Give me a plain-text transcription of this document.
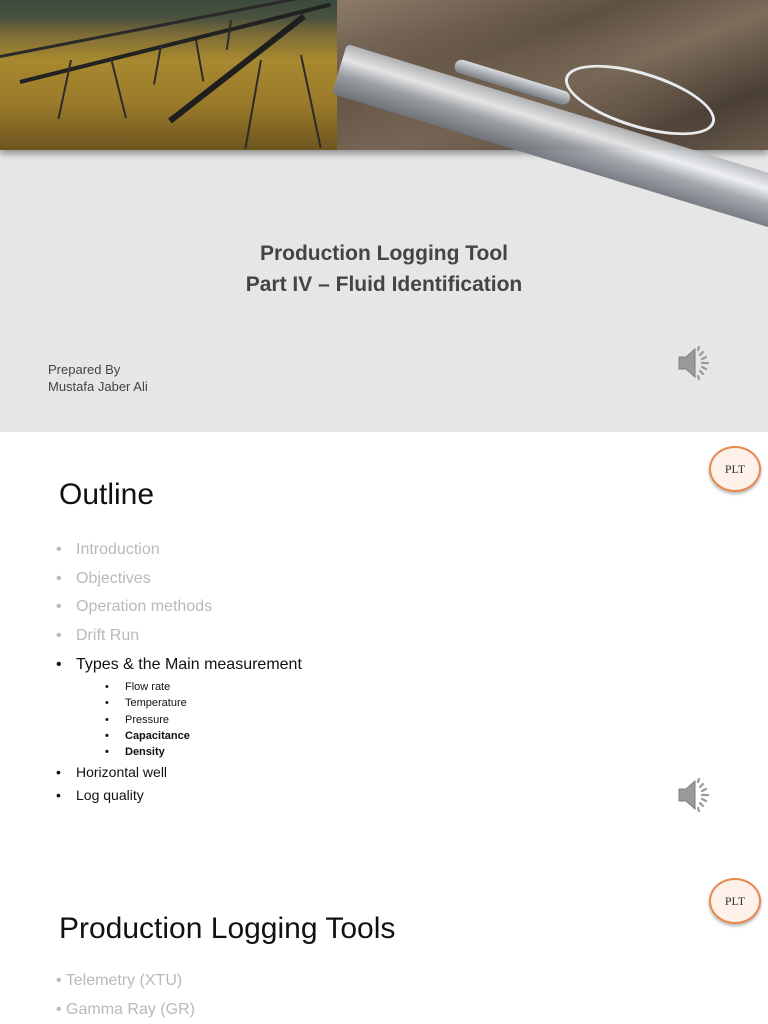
Production Logging Tool
Part IV – Fluid Identification
Prepared By
Mustafa Jaber Ali
PLT
Outline
• Introduction
• Objectives
• Operation methods
• Drift Run
• Types & the Main measurement
• Flow rate
• Temperature
• Pressure
• Capacitance
• Density
• Horizontal well
• Log quality
PLT
Production Logging Tools
• Telemetry (XTU)
• Gamma Ray (GR)
